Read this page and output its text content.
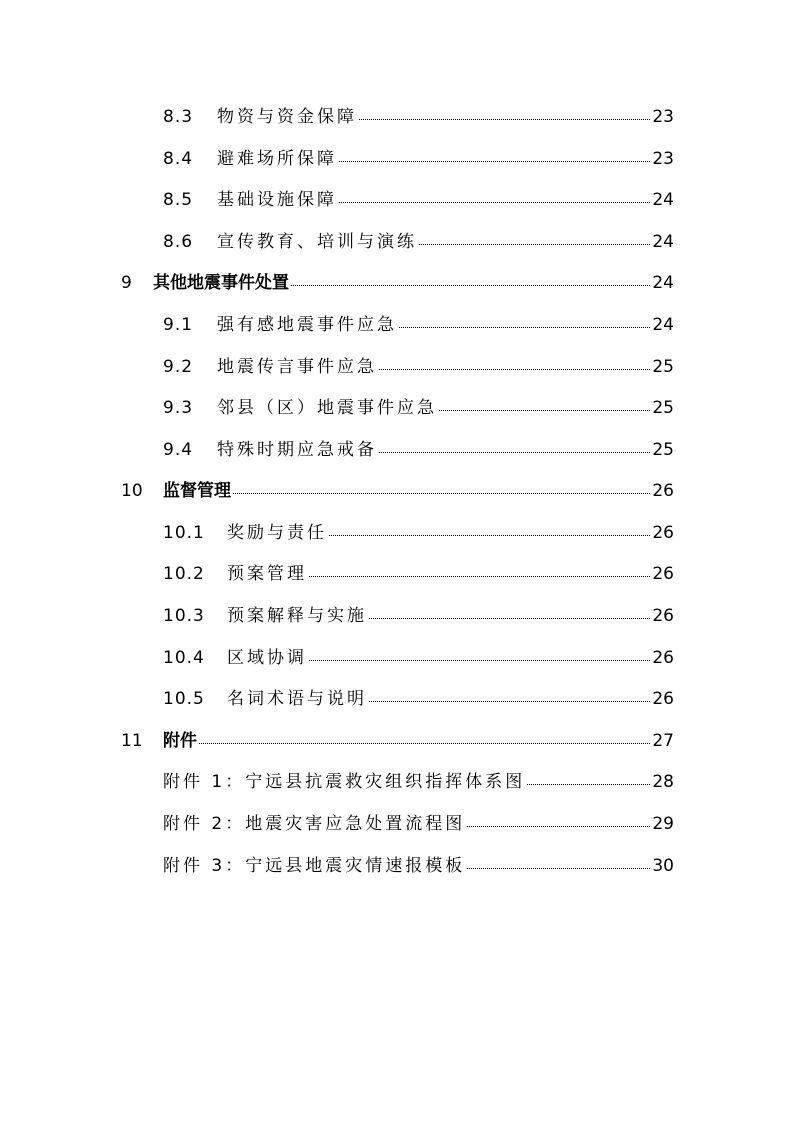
8.3	物资与资金保障	23
8.4	避难场所保障	23
8.5	基础设施保障	24
8.6	宣传教育、培训与演练	24
9	其他地震事件处置	24
9.1	强有感地震事件应急	24
9.2	地震传言事件应急	25
9.3	邻县（区）地震事件应急	25
9.4	特殊时期应急戒备	25
10	监督管理	26
10.1	奖励与责任	26
10.2	预案管理	26
10.3	预案解释与实施	26
10.4	区域协调	26
10.5	名词术语与说明	26
11	附件	27
附件 1：宁远县抗震救灾组织指挥体系图	28
附件 2：地震灾害应急处置流程图	29
附件 3：宁远县地震灾情速报模板	30
